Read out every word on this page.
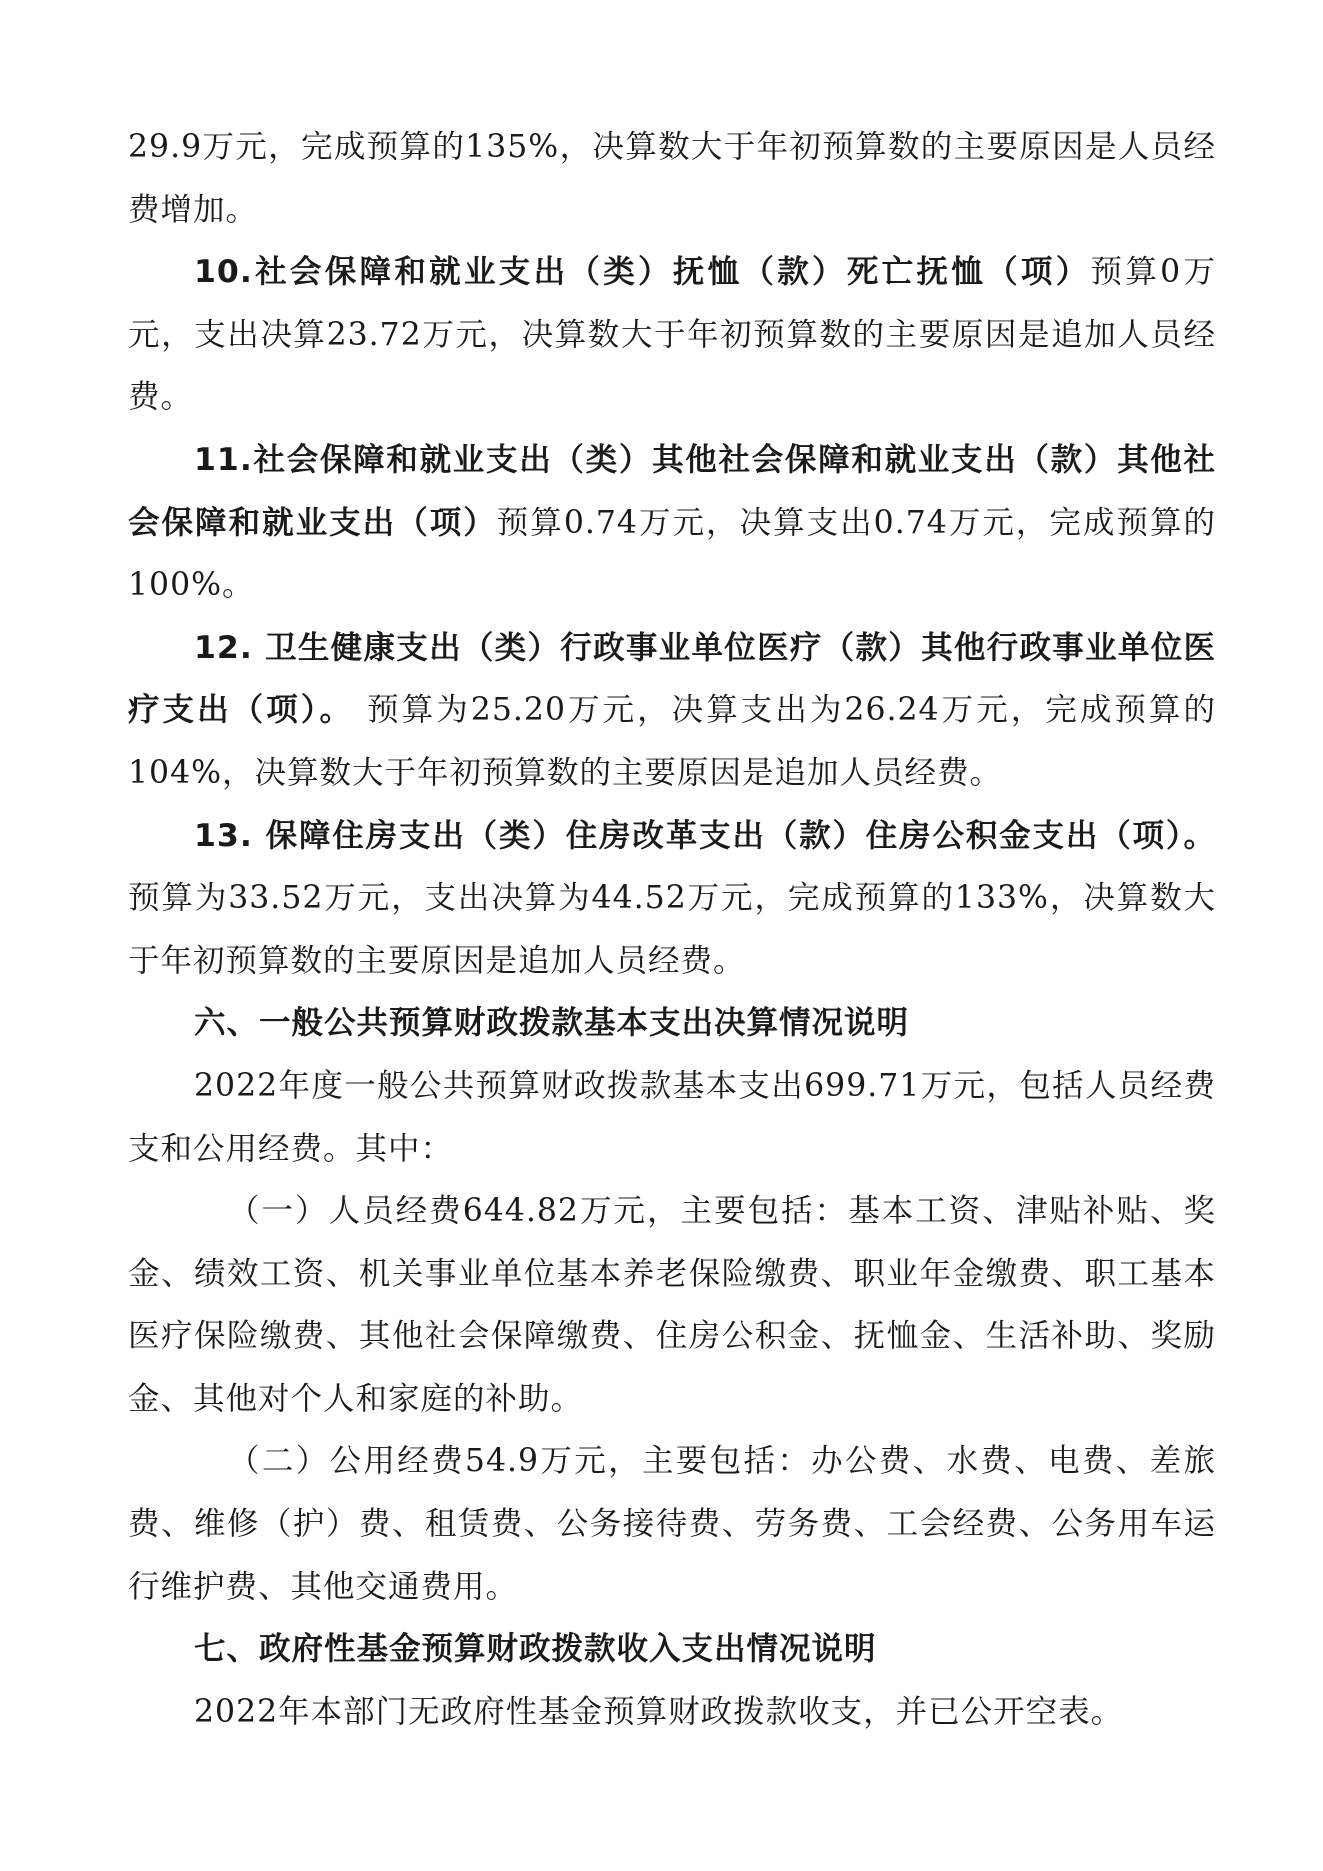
29.9万元，完成预算的135%，决算数大于年初预算数的主要原因是人员经费增加。

10.社会保障和就业支出（类）抚恤（款）死亡抚恤（项）预算0万元，支出决算23.72万元，决算数大于年初预算数的主要原因是追加人员经费。

11.社会保障和就业支出（类）其他社会保障和就业支出（款）其他社会保障和就业支出（项）预算0.74万元，决算支出0.74万元，完成预算的100%。

12. 卫生健康支出（类）行政事业单位医疗（款）其他行政事业单位医疗支出（项）。 预算为25.20万元，决算支出为26.24万元，完成预算的104%，决算数大于年初预算数的主要原因是追加人员经费。

13. 保障住房支出（类）住房改革支出（款）住房公积金支出（项）。预算为33.52万元，支出决算为44.52万元，完成预算的133%，决算数大于年初预算数的主要原因是追加人员经费。

六、一般公共预算财政拨款基本支出决算情况说明

2022年度一般公共预算财政拨款基本支出699.71万元，包括人员经费支和公用经费。其中：

（一）人员经费644.82万元，主要包括：基本工资、津贴补贴、奖金、绩效工资、机关事业单位基本养老保险缴费、职业年金缴费、职工基本医疗保险缴费、其他社会保障缴费、住房公积金、抚恤金、生活补助、奖励金、其他对个人和家庭的补助。

（二）公用经费54.9万元，主要包括：办公费、水费、电费、差旅费、维修（护）费、租赁费、公务接待费、劳务费、工会经费、公务用车运行维护费、其他交通费用。

七、政府性基金预算财政拨款收入支出情况说明

2022年本部门无政府性基金预算财政拨款收支，并已公开空表。
